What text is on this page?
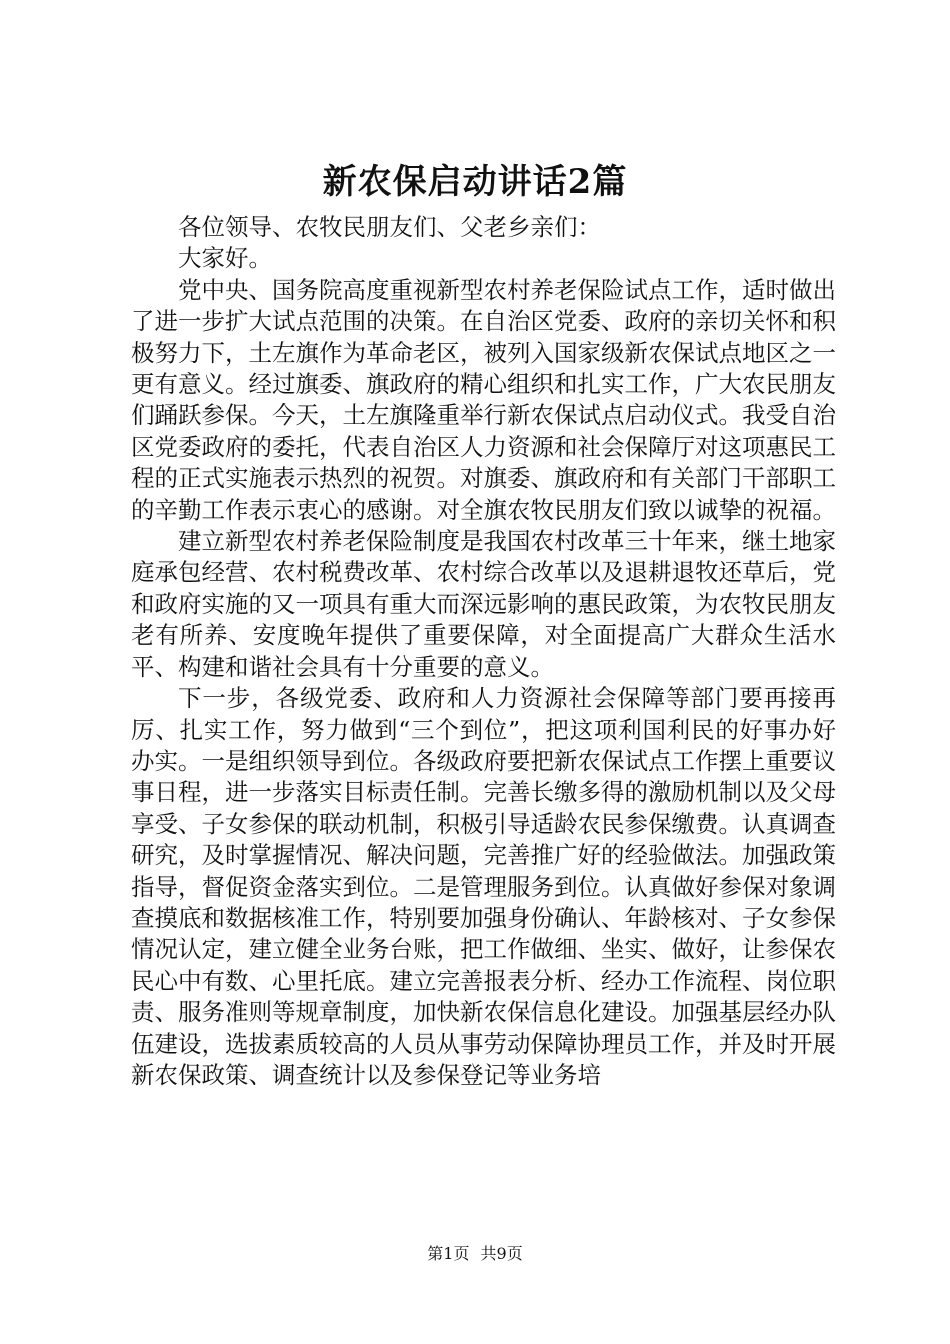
新农保启动讲话2篇

各位领导、农牧民朋友们、父老乡亲们：

大家好。

党中央、国务院高度重视新型农村养老保险试点工作，适时做出了进一步扩大试点范围的决策。在自治区党委、政府的亲切关怀和积极努力下，土左旗作为革命老区，被列入国家级新农保试点地区之一更有意义。经过旗委、旗政府的精心组织和扎实工作，广大农民朋友们踊跃参保。今天，土左旗隆重举行新农保试点启动仪式。我受自治区党委政府的委托，代表自治区人力资源和社会保障厅对这项惠民工程的正式实施表示热烈的祝贺。对旗委、旗政府和有关部门干部职工的辛勤工作表示衷心的感谢。对全旗农牧民朋友们致以诚挚的祝福。

建立新型农村养老保险制度是我国农村改革三十年来，继土地家庭承包经营、农村税费改革、农村综合改革以及退耕退牧还草后，党和政府实施的又一项具有重大而深远影响的惠民政策，为农牧民朋友老有所养、安度晚年提供了重要保障，对全面提高广大群众生活水平、构建和谐社会具有十分重要的意义。

下一步，各级党委、政府和人力资源社会保障等部门要再接再厉、扎实工作，努力做到“三个到位”，把这项利国利民的好事办好办实。一是组织领导到位。各级政府要把新农保试点工作摆上重要议事日程，进一步落实目标责任制。完善长缴多得的激励机制以及父母享受、子女参保的联动机制，积极引导适龄农民参保缴费。认真调查研究，及时掌握情况、解决问题，完善推广好的经验做法。加强政策指导，督促资金落实到位。二是管理服务到位。认真做好参保对象调查摸底和数据核准工作，特别要加强身份确认、年龄核对、子女参保情况认定，建立健全业务台账，把工作做细、坐实、做好，让参保农民心中有数、心里托底。建立完善报表分析、经办工作流程、岗位职责、服务准则等规章制度，加快新农保信息化建设。加强基层经办队伍建设，选拔素质较高的人员从事劳动保障协理员工作，并及时开展新农保政策、调查统计以及参保登记等业务培

第1页 共9页
